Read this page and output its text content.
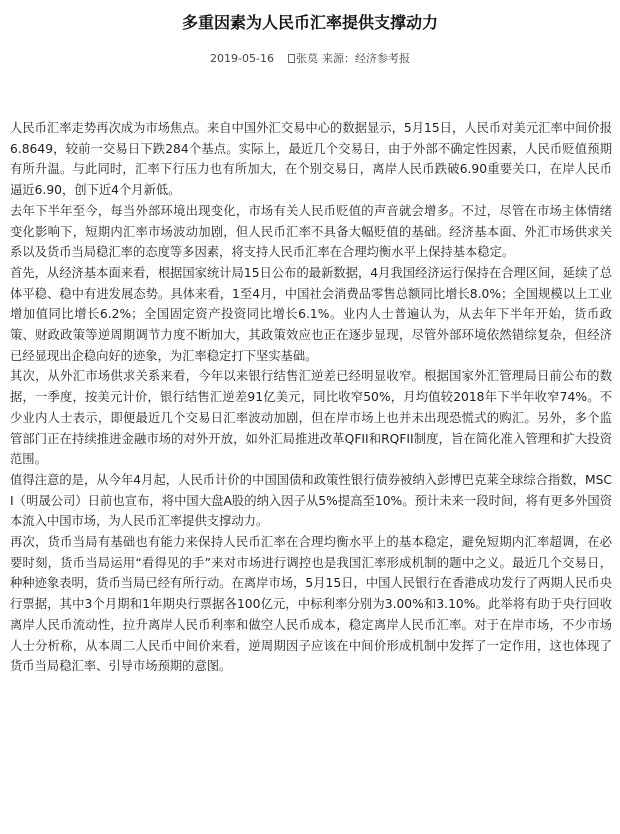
多重因素为人民币汇率提供支撑动力
2019-05-16 张莫 来源：经济参考报

人民币汇率走势再次成为市场焦点。来自中国外汇交易中心的数据显示，5月15日，人民币对美元汇率中间价报6.8649，较前一交易日下跌284个基点。实际上，最近几个交易日，由于外部不确定性因素，人民币贬值预期有所升温。与此同时，汇率下行压力也有所加大，在个别交易日，离岸人民币跌破6.90重要关口，在岸人民币逼近6.90，创下近4个月新低。

去年下半年至今，每当外部环境出现变化，市场有关人民币贬值的声音就会增多。不过，尽管在市场主体情绪变化影响下，短期内汇率市场波动加剧，但人民币汇率不具备大幅贬值的基础。经济基本面、外汇市场供求关系以及货币当局稳汇率的态度等多因素，将支持人民币汇率在合理均衡水平上保持基本稳定。

首先，从经济基本面来看，根据国家统计局15日公布的最新数据，4月我国经济运行保持在合理区间，延续了总体平稳、稳中有进发展态势。具体来看，1至4月，中国社会消费品零售总额同比增长8.0%；全国规模以上工业增加值同比增长6.2%；全国固定资产投资同比增长6.1%。业内人士普遍认为，从去年下半年开始，货币政策、财政政策等逆周期调节力度不断加大，其政策效应也正在逐步显现，尽管外部环境依然错综复杂，但经济已经显现出企稳向好的迹象，为汇率稳定打下坚实基础。

其次，从外汇市场供求关系来看，今年以来银行结售汇逆差已经明显收窄。根据国家外汇管理局日前公布的数据，一季度，按美元计价，银行结售汇逆差91亿美元，同比收窄50%，月均值较2018年下半年收窄74%。不少业内人士表示，即便最近几个交易日汇率波动加剧，但在岸市场上也并未出现恐慌式的购汇。另外，多个监管部门正在持续推进金融市场的对外开放，如外汇局推进改革QFII和RQFII制度，旨在简化准入管理和扩大投资范围。

值得注意的是，从今年4月起，人民币计价的中国国债和政策性银行债券被纳入彭博巴克莱全球综合指数，MSCI（明晟公司）日前也宣布，将中国大盘A股的纳入因子从5%提高至10%。预计未来一段时间，将有更多外国资本流入中国市场，为人民币汇率提供支撑动力。

再次，货币当局有基础也有能力来保持人民币汇率在合理均衡水平上的基本稳定，避免短期内汇率超调，在必要时刻，货币当局运用“看得见的手”来对市场进行调控也是我国汇率形成机制的题中之义。最近几个交易日，种种迹象表明，货币当局已经有所行动。在离岸市场，5月15日，中国人民银行在香港成功发行了两期人民币央行票据，其中3个月期和1年期央行票据各100亿元，中标利率分别为3.00%和3.10%。此举将有助于央行回收离岸人民币流动性，拉升离岸人民币利率和做空人民币成本，稳定离岸人民币汇率。对于在岸市场，不少市场人士分析称，从本周二人民币中间价来看，逆周期因子应该在中间价形成机制中发挥了一定作用，这也体现了货币当局稳汇率、引导市场预期的意图。
